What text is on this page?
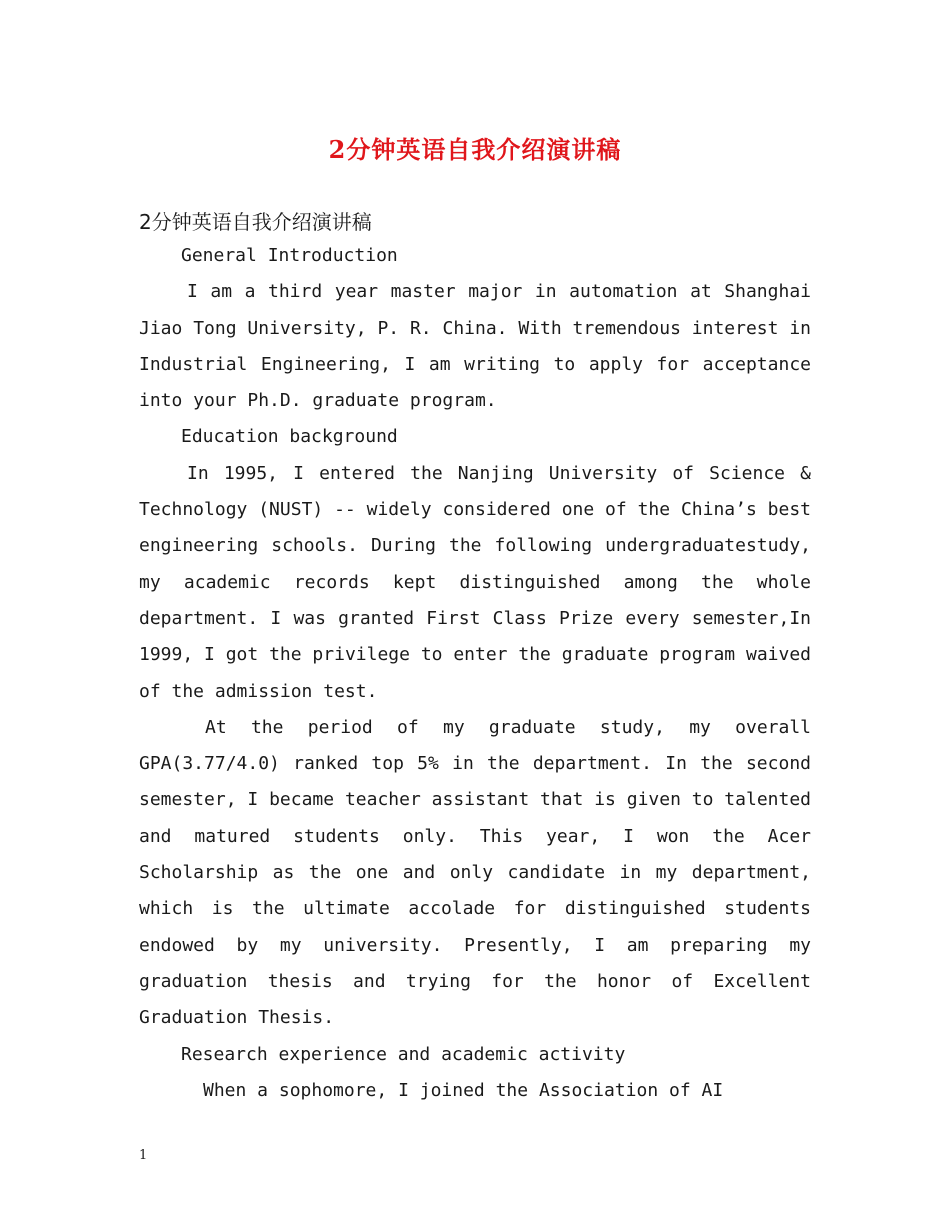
2分钟英语自我介绍演讲稿
2分钟英语自我介绍演讲稿

General Introduction

I am a third year master major in automation at Shanghai Jiao Tong University, P. R. China. With tremendous interest in Industrial Engineering, I am writing to apply for acceptance into your Ph.D. graduate program.

Education background

In 1995, I entered the Nanjing University of Science & Technology (NUST) -- widely considered one of the China’s best engineering schools. During the following undergraduatestudy, my academic records kept distinguished among the whole department. I was granted First Class Prize every semester,In 1999, I got the privilege to enter the graduate program waived of the admission test.

At the period of my graduate study, my overall GPA(3.77/4.0) ranked top 5% in the department. In the second semester, I became teacher assistant that is given to talented and matured students only. This year, I won the Acer Scholarship as the one and only candidate in my department, which is the ultimate accolade for distinguished students endowed by my university. Presently, I am preparing my graduation thesis and trying for the honor of Excellent Graduation Thesis.

Research experience and academic activity

When a sophomore, I joined the Association of AI

1
